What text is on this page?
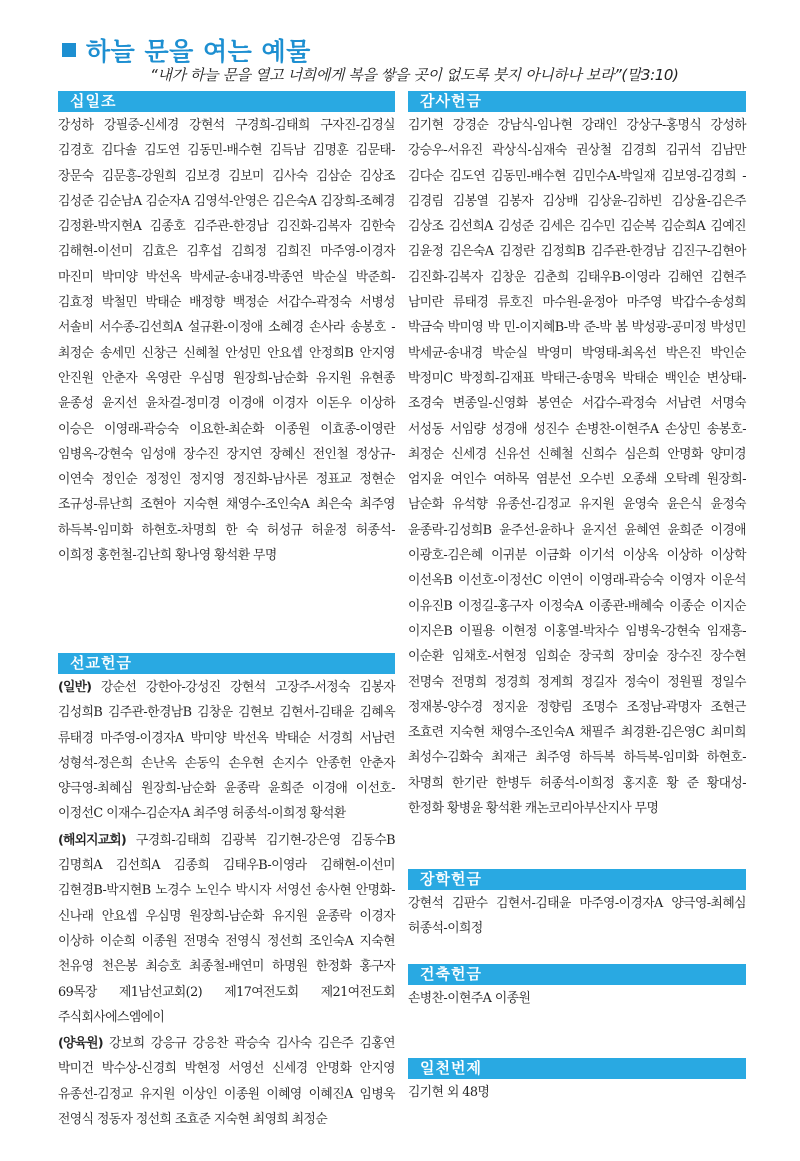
하늘 문을 여는 예물
“내가 하늘 문을 열고 너희에게 복을 쌓을 곳이 없도록 붓지 아니하나 보라”(말3:10)
십일조
강성하 강필중-신세경 강현석 구경희-김태희 구자진-김경실 김경호 김다솔 김도연 김동민-배수현 김득남 김명훈 김문태-장문숙 김문흥-강원희 김보경 김보미 김사숙 김삼순 김상조 김성준 김순남A 김순자A 김영석-안영은 김은숙A 김장희-조혜경 김정환-박지현A 김종호 김주관-한경남 김진화-김복자 김한숙 김해현-이선미 김효은 김후섭 김희정 김희진 마주영-이경자 마진미 박미양 박선옥 박세균-송내경-박종연 박순실 박준희-김효정 박철민 박태순 배정향 백정순 서갑수-곽정숙 서병성 서솔비 서수종-김선희A 설규환-이정애 소혜경 손사라 송봉호 -최정순 송세민 신창근 신혜철 안성민 안요셉 안정희B 안지영 안진원 안춘자 옥영란 우심명 원장희-남순화 유지원 유현종 윤종성 윤지선 윤차걸-정미경 이경애 이경자 이돈우 이상하 이승은 이영래-곽승숙 이요한-최순화 이종원 이효종-이영란 임병옥-강현숙 임성애 장수진 장지연 장혜신 전인철 정상규-이연숙 정인순 정정인 정지영 정진화-남사론 정표교 정현순 조규성-류난희 조현아 지숙현 채영수-조인숙A 최은숙 최주영 하득복-임미화 하현호-차명희 한 숙 허성규 허윤정 허종석-이희정 홍헌철-김난희 황나영 황석환 무명
선교헌금
(일반) 강순선 강한아-강성진 강현석 고장주-서정숙 김봉자 김성희B 김주관-한경남B 김창운 김현보 김현서-김태윤 김혜옥 류태경 마주영-이경자A 박미양 박선옥 박태순 서경희 서남련 성형석-정은희 손난옥 손동익 손우현 손지수 안종헌 안춘자 양극영-최혜심 원장희-남순화 윤종락 윤희준 이경애 이선호-이정선C 이재수-김순자A 최주영 허종석-이희정 황석환
(해외지교회) 구경희-김태희 김광복 김기현-강은영 김동수B 김명희A 김선희A 김종희 김태우B-이영라 김해현-이선미 김현경B-박지현B 노경수 노인수 박시자 서영선 송사현 안명화-신나래 안요셉 우심명 원장희-남순화 유지원 윤종락 이경자 이상하 이순희 이종원 전명숙 전영식 정선희 조인숙A 지숙현 천유영 천은봉 최승호 최종철-배연미 하명원 한정화 홍구자 69목장 제1남선교회(2) 제17여전도회 제21여전도회 주식회사에스엠에이
(양육원) 강보희 강응규 강응찬 곽승숙 김사숙 김은주 김홍연 박미건 박수상-신경희 박현정 서영선 신세경 안명화 안지영 유종선-김정교 유지원 이상인 이종원 이혜영 이혜진A 임병욱 전영식 정동자 정선희 조효준 지숙현 최영희 최정순
감사헌금
김기현 강경순 강남식-임나현 강래인 강상구-홍명식 강성하 강승우-서유진 곽상식-심재숙 권상철 김경희 김귀석 김남만 김다순 김도연 김동민-배수현 김민수A-박일재 김보영-김경희 -김경림 김봉열 김봉자 김상배 김상윤-김하빈 김상율-김은주 김상조 김선희A 김성준 김세은 김수민 김순복 김순희A 김예진 김윤정 김은숙A 김정란 김정희B 김주관-한경남 김진구-김현아 김진화-김복자 김창운 김춘희 김태우B-이영라 김해연 김현주 남미란 류태경 류호진 마수원-윤정아 마주영 박갑수-송성희 박금숙 박미영 박 민-이지혜B-박 준-박 봄 박성광-공미정 박성민 박세균-송내경 박순실 박영미 박영태-최옥선 박은진 박인순 박정미C 박정희-김재표 박태근-송명옥 박태순 백인순 변상태-조경숙 변종일-신영화 봉연순 서갑수-곽정숙 서남련 서명숙 서성동 서임량 성경애 성진수 손병찬-이현주A 손상민 송봉호-최정순 신세경 신유선 신혜철 신희수 심은희 안명화 양미경 엄지윤 여인수 여하목 염분선 오수빈 오종쇄 오탁례 원장희-남순화 유석향 유종선-김정교 유지원 윤영숙 윤은식 윤정숙 윤종락-김성희B 윤주선-윤하나 윤지선 윤혜연 윤희준 이경애 이광호-김은혜 이귀분 이금화 이기석 이상옥 이상하 이상학 이선옥B 이선호-이정선C 이연이 이영래-곽승숙 이영자 이운석 이유진B 이정길-홍구자 이정숙A 이종관-배혜숙 이종순 이지순 이지은B 이필용 이현정 이홍열-박차수 임병욱-강현숙 임재흥-이순환 임채호-서현정 임희순 장국희 장미숲 장수진 장수현 전명숙 전명희 정경희 정계희 정길자 정숙이 정원필 정일수 정재봉-양수경 정지윤 정향림 조명수 조정남-곽명자 조현근 조효련 지숙현 채영수-조인숙A 채필주 최경환-김은영C 최미희 최성수-김화숙 최재근 최주영 하득복 하득복-임미화 하현호-차명희 한기란 한병두 허종석-이희정 홍지훈 황 준 황대성-한정화 황병윤 황석환 캐논코리아부산지사 무명
장학헌금
강현석 김판수 김현서-김태윤 마주영-이경자A 양극영-최혜심 허종석-이희정
건축헌금
손병찬-이현주A 이종원
일천번제
김기현 외 48명
